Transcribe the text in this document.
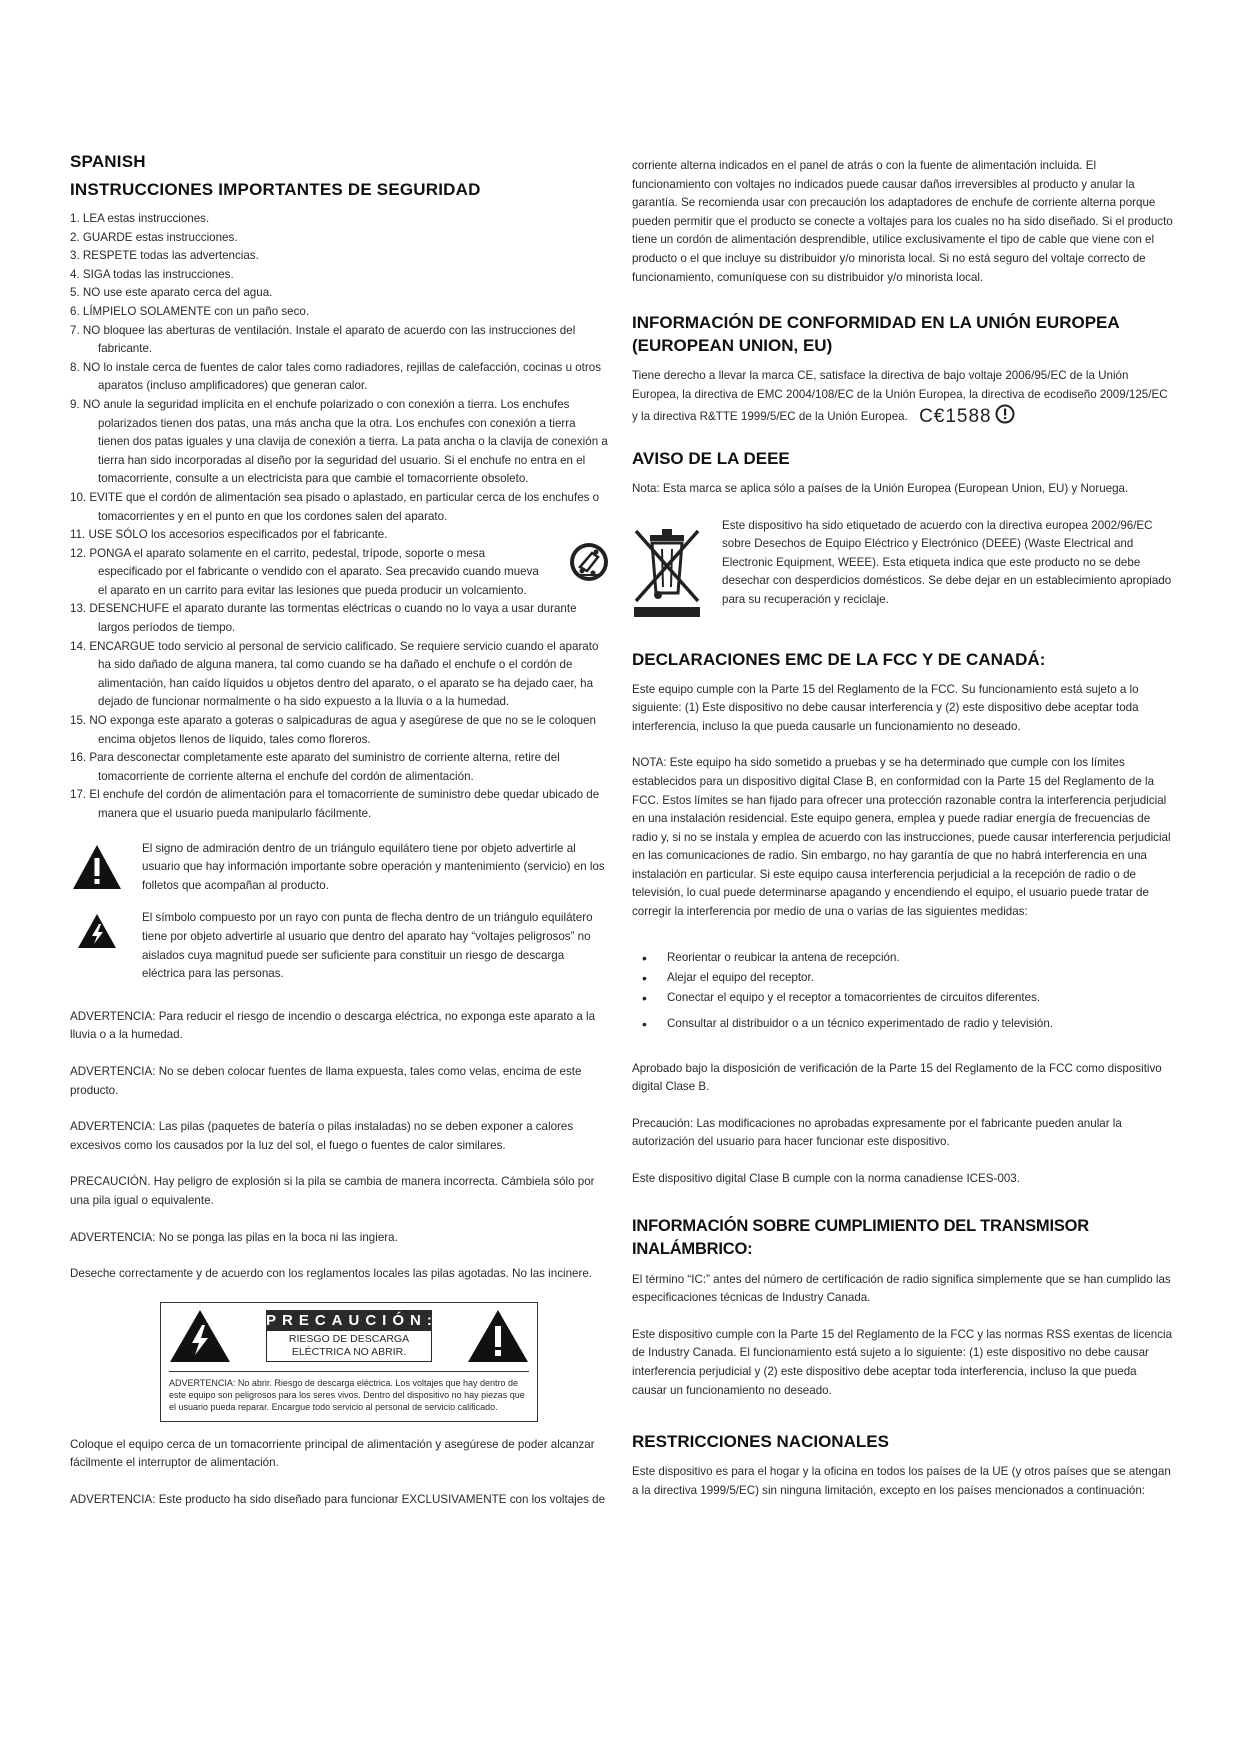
SPANISH
INSTRUCCIONES IMPORTANTES DE SEGURIDAD
1. LEA estas instrucciones.
2. GUARDE estas instrucciones.
3. RESPETE todas las advertencias.
4. SIGA todas las instrucciones.
5. NO use este aparato cerca del agua.
6. LÍMPIELO SOLAMENTE con un paño seco.
7. NO bloquee las aberturas de ventilación. Instale el aparato de acuerdo con las instrucciones del fabricante.
8. NO lo instale cerca de fuentes de calor tales como radiadores, rejillas de calefacción, cocinas u otros aparatos (incluso amplificadores) que generan calor.
9. NO anule la seguridad implícita en el enchufe polarizado o con conexión a tierra. Los enchufes polarizados tienen dos patas, una más ancha que la otra. Los enchufes con conexión a tierra tienen dos patas iguales y una clavija de conexión a tierra. La pata ancha o la clavija de conexión a tierra han sido incorporadas al diseño por la seguridad del usuario. Si el enchufe no entra en el tomacorriente, consulte a un electricista para que cambie el tomacorriente obsoleto.
10. EVITE que el cordón de alimentación sea pisado o aplastado, en particular cerca de los enchufes o tomacorrientes y en el punto en que los cordones salen del aparato.
11. USE SÓLO los accesorios especificados por el fabricante.
12. PONGA el aparato solamente en el carrito, pedestal, trípode, soporte o mesa especificado por el fabricante o vendido con el aparato. Sea precavido cuando mueva el aparato en un carrito para evitar las lesiones que pueda producir un volcamiento.
13. DESENCHUFE el aparato durante las tormentas eléctricas o cuando no lo vaya a usar durante largos períodos de tiempo.
14. ENCARGUE todo servicio al personal de servicio calificado. Se requiere servicio cuando el aparato ha sido dañado de alguna manera, tal como cuando se ha dañado el enchufe o el cordón de alimentación, han caído líquidos u objetos dentro del aparato, o el aparato se ha dejado caer, ha dejado de funcionar normalmente o ha sido expuesto a la lluvia o a la humedad.
15. NO exponga este aparato a goteras o salpicaduras de agua y asegúrese de que no se le coloquen encima objetos llenos de líquido, tales como floreros.
16. Para desconectar completamente este aparato del suministro de corriente alterna, retire del tomacorriente de corriente alterna el enchufe del cordón de alimentación.
17. El enchufe del cordón de alimentación para el tomacorriente de suministro debe quedar ubicado de manera que el usuario pueda manipularlo fácilmente.

El signo de admiración dentro de un triángulo equilátero tiene por objeto advertirle al usuario que hay información importante sobre operación y mantenimiento (servicio) en los folletos que acompañan al producto.

El símbolo compuesto por un rayo con punta de flecha dentro de un triángulo equilátero tiene por objeto advertirle al usuario que dentro del aparato hay “voltajes peligrosos” no aislados cuya magnitud puede ser suficiente para constituir un riesgo de descarga eléctrica para las personas.

ADVERTENCIA: Para reducir el riesgo de incendio o descarga eléctrica, no exponga este aparato a la lluvia o a la humedad.

ADVERTENCIA: No se deben colocar fuentes de llama expuesta, tales como velas, encima de este producto.

ADVERTENCIA: Las pilas (paquetes de batería o pilas instaladas) no se deben exponer a calores excesivos como los causados por la luz del sol, el fuego o fuentes de calor similares.

PRECAUCIÓN. Hay peligro de explosión si la pila se cambia de manera incorrecta. Cámbiela sólo por una pila igual o equivalente.

ADVERTENCIA: No se ponga las pilas en la boca ni las ingiera.

Deseche correctamente y de acuerdo con los reglamentos locales las pilas agotadas. No las incinere.

PRECAUCIÓN:
RIESGO DE DESCARGA ELÉCTRICA NO ABRIR.
ADVERTENCIA: No abrir. Riesgo de descarga eléctrica. Los voltajes que hay dentro de este equipo son peligrosos para los seres vivos. Dentro del dispositivo no hay piezas que el usuario pueda reparar. Encargue todo servicio al personal de servicio calificado.

Coloque el equipo cerca de un tomacorriente principal de alimentación y asegúrese de poder alcanzar fácilmente el interruptor de alimentación.

ADVERTENCIA: Este producto ha sido diseñado para funcionar EXCLUSIVAMENTE con los voltajes de

corriente alterna indicados en el panel de atrás o con la fuente de alimentación incluida. El funcionamiento con voltajes no indicados puede causar daños irreversibles al producto y anular la garantía. Se recomienda usar con precaución los adaptadores de enchufe de corriente alterna porque pueden permitir que el producto se conecte a voltajes para los cuales no ha sido diseñado. Si el producto tiene un cordón de alimentación desprendible, utilice exclusivamente el tipo de cable que viene con el producto o el que incluye su distribuidor y/o minorista local. Si no está seguro del voltaje correcto de funcionamiento, comuníquese con su distribuidor y/o minorista local.

INFORMACIÓN DE CONFORMIDAD EN LA UNIÓN EUROPEA (EUROPEAN UNION, EU)

Tiene derecho a llevar la marca CE, satisface la directiva de bajo voltaje 2006/95/EC de la Unión Europea, la directiva de EMC 2004/108/EC de la Unión Europea, la directiva de ecodiseño 2009/125/EC y la directiva R&TTE 1999/5/EC de la Unión Europea. C€1588

AVISO DE LA DEEE

Nota: Esta marca se aplica sólo a países de la Unión Europea (European Union, EU) y Noruega.

Este dispositivo ha sido etiquetado de acuerdo con la directiva europea 2002/96/EC sobre Desechos de Equipo Eléctrico y Electrónico (DEEE) (Waste Electrical and Electronic Equipment, WEEE). Esta etiqueta indica que este producto no se debe desechar con desperdicios domésticos. Se debe dejar en un establecimiento apropiado para su recuperación y reciclaje.

DECLARACIONES EMC DE LA FCC Y DE CANADÁ:

Este equipo cumple con la Parte 15 del Reglamento de la FCC. Su funcionamiento está sujeto a lo siguiente: (1) Este dispositivo no debe causar interferencia y (2) este dispositivo debe aceptar toda interferencia, incluso la que pueda causarle un funcionamiento no deseado.

NOTA: Este equipo ha sido sometido a pruebas y se ha determinado que cumple con los límites establecidos para un dispositivo digital Clase B, en conformidad con la Parte 15 del Reglamento de la FCC. Estos límites se han fijado para ofrecer una protección razonable contra la interferencia perjudicial en una instalación residencial. Este equipo genera, emplea y puede radiar energía de frecuencias de radio y, si no se instala y emplea de acuerdo con las instrucciones, puede causar interferencia perjudicial en las comunicaciones de radio. Sin embargo, no hay garantía de que no habrá interferencia en una instalación en particular. Si este equipo causa interferencia perjudicial a la recepción de radio o de televisión, lo cual puede determinarse apagando y encendiendo el equipo, el usuario puede tratar de corregir la interferencia por medio de una o varias de las siguientes medidas:

• Reorientar o reubicar la antena de recepción.
• Alejar el equipo del receptor.
• Conectar el equipo y el receptor a tomacorrientes de circuitos diferentes.
• Consultar al distribuidor o a un técnico experimentado de radio y televisión.

Aprobado bajo la disposición de verificación de la Parte 15 del Reglamento de la FCC como dispositivo digital Clase B.

Precaución: Las modificaciones no aprobadas expresamente por el fabricante pueden anular la autorización del usuario para hacer funcionar este dispositivo.

Este dispositivo digital Clase B cumple con la norma canadiense ICES-003.

INFORMACIÓN SOBRE CUMPLIMIENTO DEL TRANSMISOR INALÁMBRICO:

El término “IC:” antes del número de certificación de radio significa simplemente que se han cumplido las especificaciones técnicas de Industry Canada.

Este dispositivo cumple con la Parte 15 del Reglamento de la FCC y las normas RSS exentas de licencia de Industry Canada. El funcionamiento está sujeto a lo siguiente: (1) este dispositivo no debe causar interferencia perjudicial y (2) este dispositivo debe aceptar toda interferencia, incluso la que pueda causar un funcionamiento no deseado.

RESTRICCIONES NACIONALES

Este dispositivo es para el hogar y la oficina en todos los países de la UE (y otros países que se atengan a la directiva 1999/5/EC) sin ninguna limitación, excepto en los países mencionados a continuación:
